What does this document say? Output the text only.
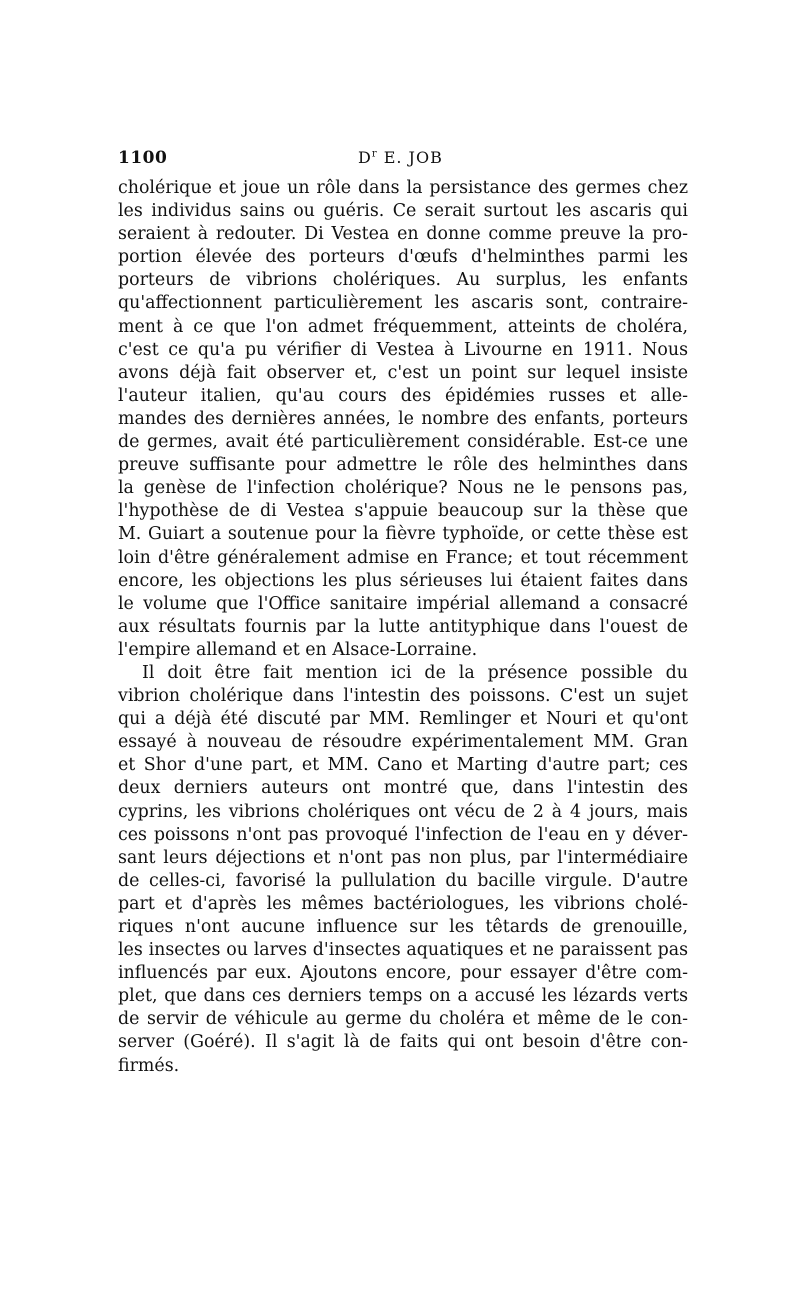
1100	$D^r$ E. JOB
cholérique et joue un rôle dans la persistance des germes chez
les individus sains ou guéris. Ce serait surtout les ascaris qui
seraient à redouter. Di Vestea en donne comme preuve la pro-
portion élevée des porteurs d'œufs d'helminthes parmi les
porteurs de vibrions cholériques. Au surplus, les enfants
qu'affectionnent particulièrement les ascaris sont, contraire-
ment à ce que l'on admet fréquemment, atteints de choléra,
c'est ce qu'a pu vérifier di Vestea à Livourne en 1911. Nous
avons déjà fait observer et, c'est un point sur lequel insiste
l'auteur italien, qu'au cours des épidémies russes et alle-
mandes des dernières années, le nombre des enfants, porteurs
de germes, avait été particulièrement considérable. Est-ce une
preuve suffisante pour admettre le rôle des helminthes dans
la genèse de l'infection cholérique? Nous ne le pensons pas,
l'hypothèse de di Vestea s'appuie beaucoup sur la thèse que
M. Guiart a soutenue pour la fièvre typhoïde, or cette thèse est
loin d'être généralement admise en France; et tout récemment
encore, les objections les plus sérieuses lui étaient faites dans
le volume que l'Office sanitaire impérial allemand a consacré
aux résultats fournis par la lutte antityphique dans l'ouest de
l'empire allemand et en Alsace-Lorraine.
Il doit être fait mention ici de la présence possible du
vibrion cholérique dans l'intestin des poissons. C'est un sujet
qui a déjà été discuté par MM. Remlinger et Nouri et qu'ont
essayé à nouveau de résoudre expérimentalement MM. Gran
et Shor d'une part, et MM. Cano et Marting d'autre part; ces
deux derniers auteurs ont montré que, dans l'intestin des
cyprins, les vibrions cholériques ont vécu de 2 à 4 jours, mais
ces poissons n'ont pas provoqué l'infection de l'eau en y déver-
sant leurs déjections et n'ont pas non plus, par l'intermédiaire
de celles-ci, favorisé la pullulation du bacille virgule. D'autre
part et d'après les mêmes bactériologues, les vibrions cholé-
riques n'ont aucune influence sur les têtards de grenouille,
les insectes ou larves d'insectes aquatiques et ne paraissent pas
influencés par eux. Ajoutons encore, pour essayer d'être com-
plet, que dans ces derniers temps on a accusé les lézards verts
de servir de véhicule au germe du choléra et même de le con-
server (Goéré). Il s'agit là de faits qui ont besoin d'être con-
firmés.
